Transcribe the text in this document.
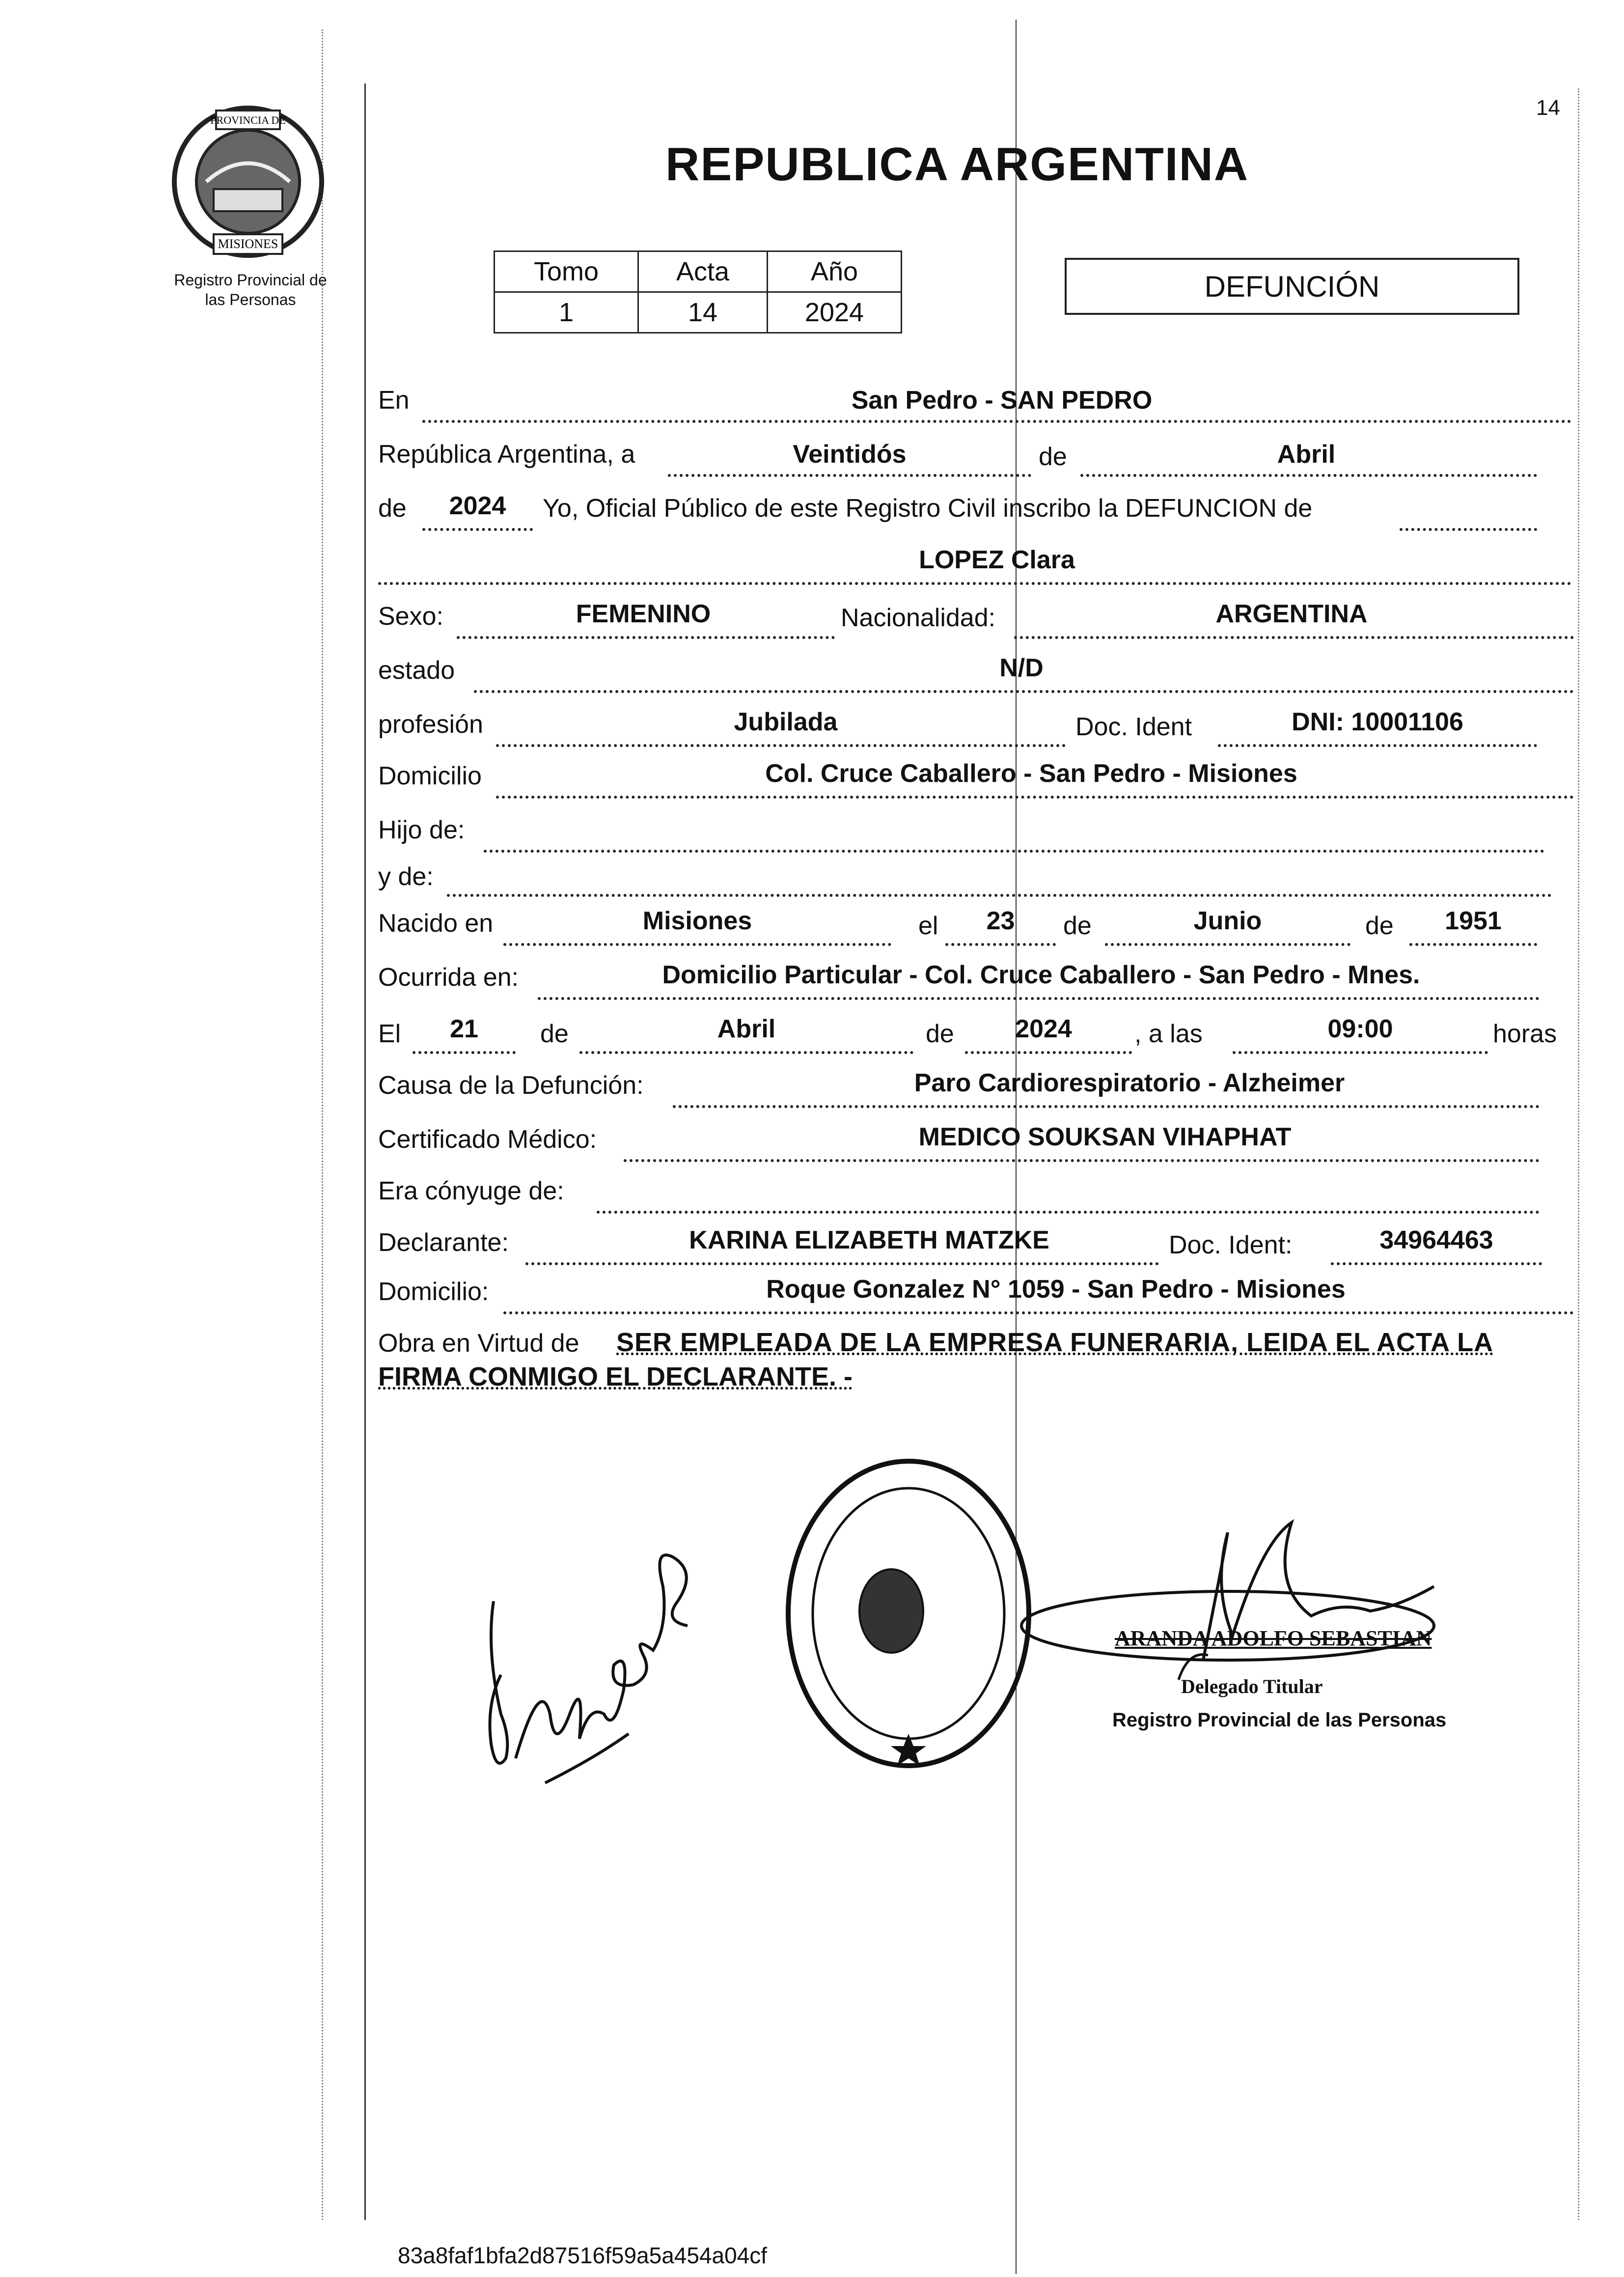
14
PROVINCIA DE
MISIONES
Registro Provincial de
las Personas
REPUBLICA ARGENTINA
Tomo	Acta	Año
1	14	2024
DEFUNCIÓN
En	San Pedro - SAN PEDRO
República Argentina, a	Veintidós	de	Abril
de	2024	Yo, Oficial Público de este Registro Civil inscribo la DEFUNCION de
LOPEZ Clara
Sexo:	FEMENINO	Nacionalidad:	ARGENTINA
estado	N/D
profesión	Jubilada	Doc. Ident	DNI: 10001106
Domicilio	Col. Cruce Caballero - San Pedro - Misiones
Hijo de:
y de:
Nacido en	Misiones	el	23	de	Junio	de	1951
Ocurrida en:	Domicilio Particular - Col. Cruce Caballero - San Pedro - Mnes.
El	21	de	Abril	de	2024	, a las	09:00	horas
Causa de la Defunción:	Paro Cardiorespiratorio - Alzheimer
Certificado Médico:	MEDICO SOUKSAN VIHAPHAT
Era cónyuge de:
Declarante:	KARINA ELIZABETH MATZKE	Doc. Ident:	34964463
Domicilio:	Roque Gonzalez N° 1059 - San Pedro - Misiones
Obra en Virtud de SER EMPLEADA DE LA EMPRESA FUNERARIA, LEIDA EL ACTA LA
FIRMA CONMIGO EL DECLARANTE. -
ARANDA ADOLFO SEBASTIAN
Delegado Titular
Registro Provincial de las Personas
83a8faf1bfa2d87516f59a5a454a04cf
